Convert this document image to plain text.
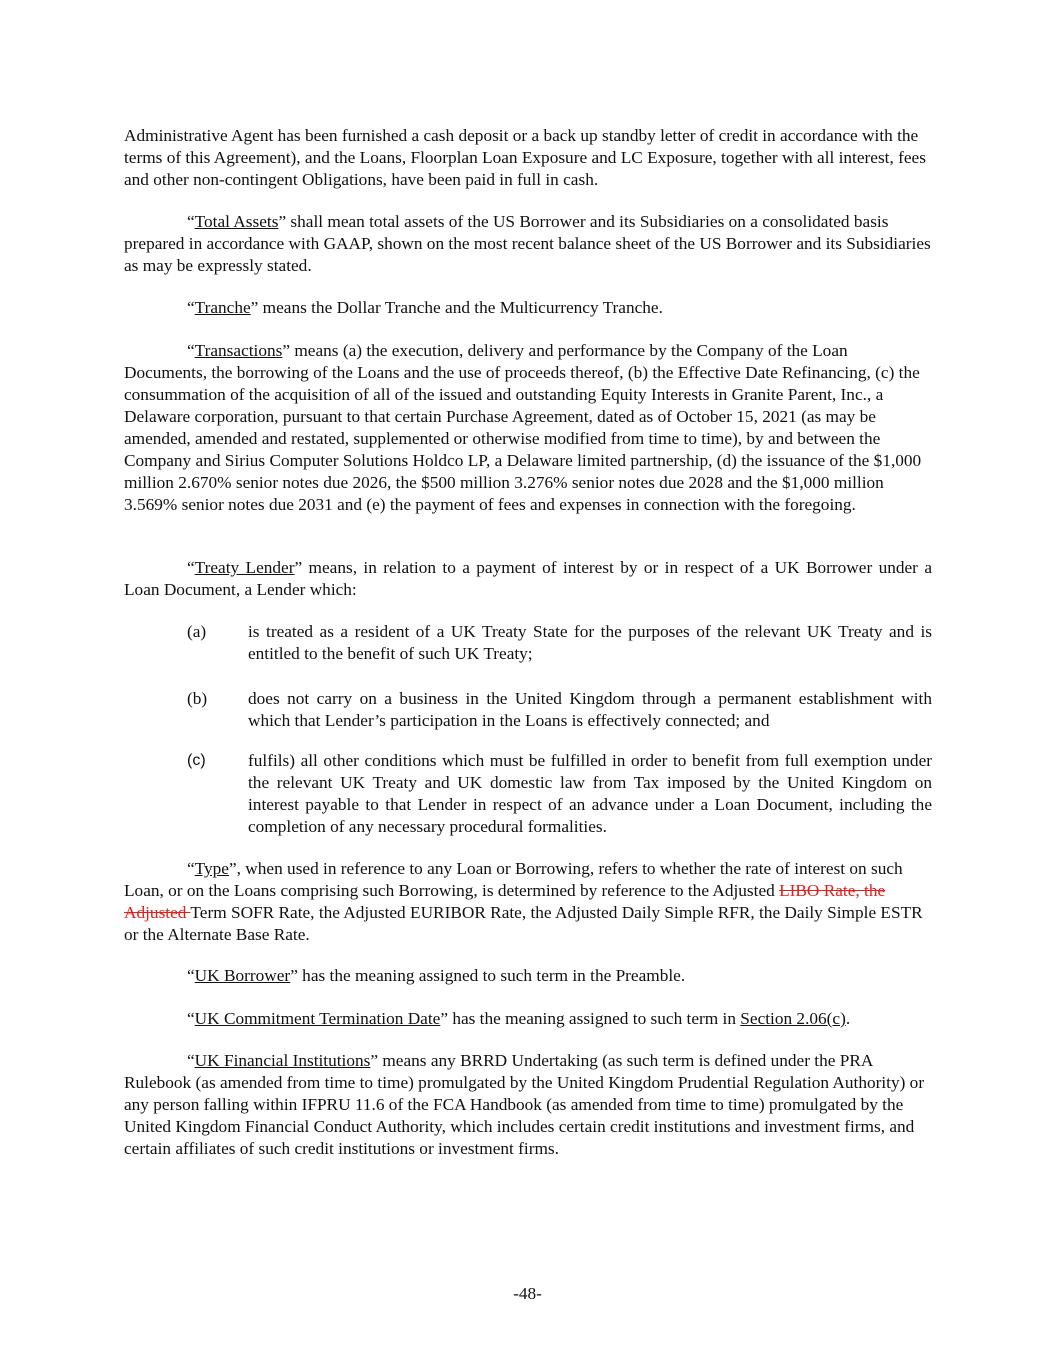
Administrative Agent has been furnished a cash deposit or a back up standby letter of credit in accordance with the terms of this Agreement), and the Loans, Floorplan Loan Exposure and LC Exposure, together with all interest, fees and other non-contingent Obligations, have been paid in full in cash.

“Total Assets” shall mean total assets of the US Borrower and its Subsidiaries on a consolidated basis prepared in accordance with GAAP, shown on the most recent balance sheet of the US Borrower and its Subsidiaries as may be expressly stated.

“Tranche” means the Dollar Tranche and the Multicurrency Tranche.

“Transactions” means (a) the execution, delivery and performance by the Company of the Loan Documents, the borrowing of the Loans and the use of proceeds thereof, (b) the Effective Date Refinancing, (c) the consummation of the acquisition of all of the issued and outstanding Equity Interests in Granite Parent, Inc., a Delaware corporation, pursuant to that certain Purchase Agreement, dated as of October 15, 2021 (as may be amended, amended and restated, supplemented or otherwise modified from time to time), by and between the Company and Sirius Computer Solutions Holdco LP, a Delaware limited partnership, (d) the issuance of the $1,000 million 2.670% senior notes due 2026, the $500 million 3.276% senior notes due 2028 and the $1,000 million 3.569% senior notes due 2031 and (e) the payment of fees and expenses in connection with the foregoing.

“Treaty Lender” means, in relation to a payment of interest by or in respect of a UK Borrower under a Loan Document, a Lender which:

(a)	is treated as a resident of a UK Treaty State for the purposes of the relevant UK Treaty and is entitled to the benefit of such UK Treaty;
(b)	does not carry on a business in the United Kingdom through a permanent establishment with which that Lender’s participation in the Loans is effectively connected; and
(c)	fulfils) all other conditions which must be fulfilled in order to benefit from full exemption under the relevant UK Treaty and UK domestic law from Tax imposed by the United Kingdom on interest payable to that Lender in respect of an advance under a Loan Document, including the completion of any necessary procedural formalities.

“Type”, when used in reference to any Loan or Borrowing, refers to whether the rate of interest on such Loan, or on the Loans comprising such Borrowing, is determined by reference to the Adjusted LIBO Rate, the Adjusted Term SOFR Rate, the Adjusted EURIBOR Rate, the Adjusted Daily Simple RFR, the Daily Simple ESTR or the Alternate Base Rate.

“UK Borrower” has the meaning assigned to such term in the Preamble.

“UK Commitment Termination Date” has the meaning assigned to such term in Section 2.06(c).

“UK Financial Institutions” means any BRRD Undertaking (as such term is defined under the PRA Rulebook (as amended from time to time) promulgated by the United Kingdom Prudential Regulation Authority) or any person falling within IFPRU 11.6 of the FCA Handbook (as amended from time to time) promulgated by the United Kingdom Financial Conduct Authority, which includes certain credit institutions and investment firms, and certain affiliates of such credit institutions or investment firms.

-48-
